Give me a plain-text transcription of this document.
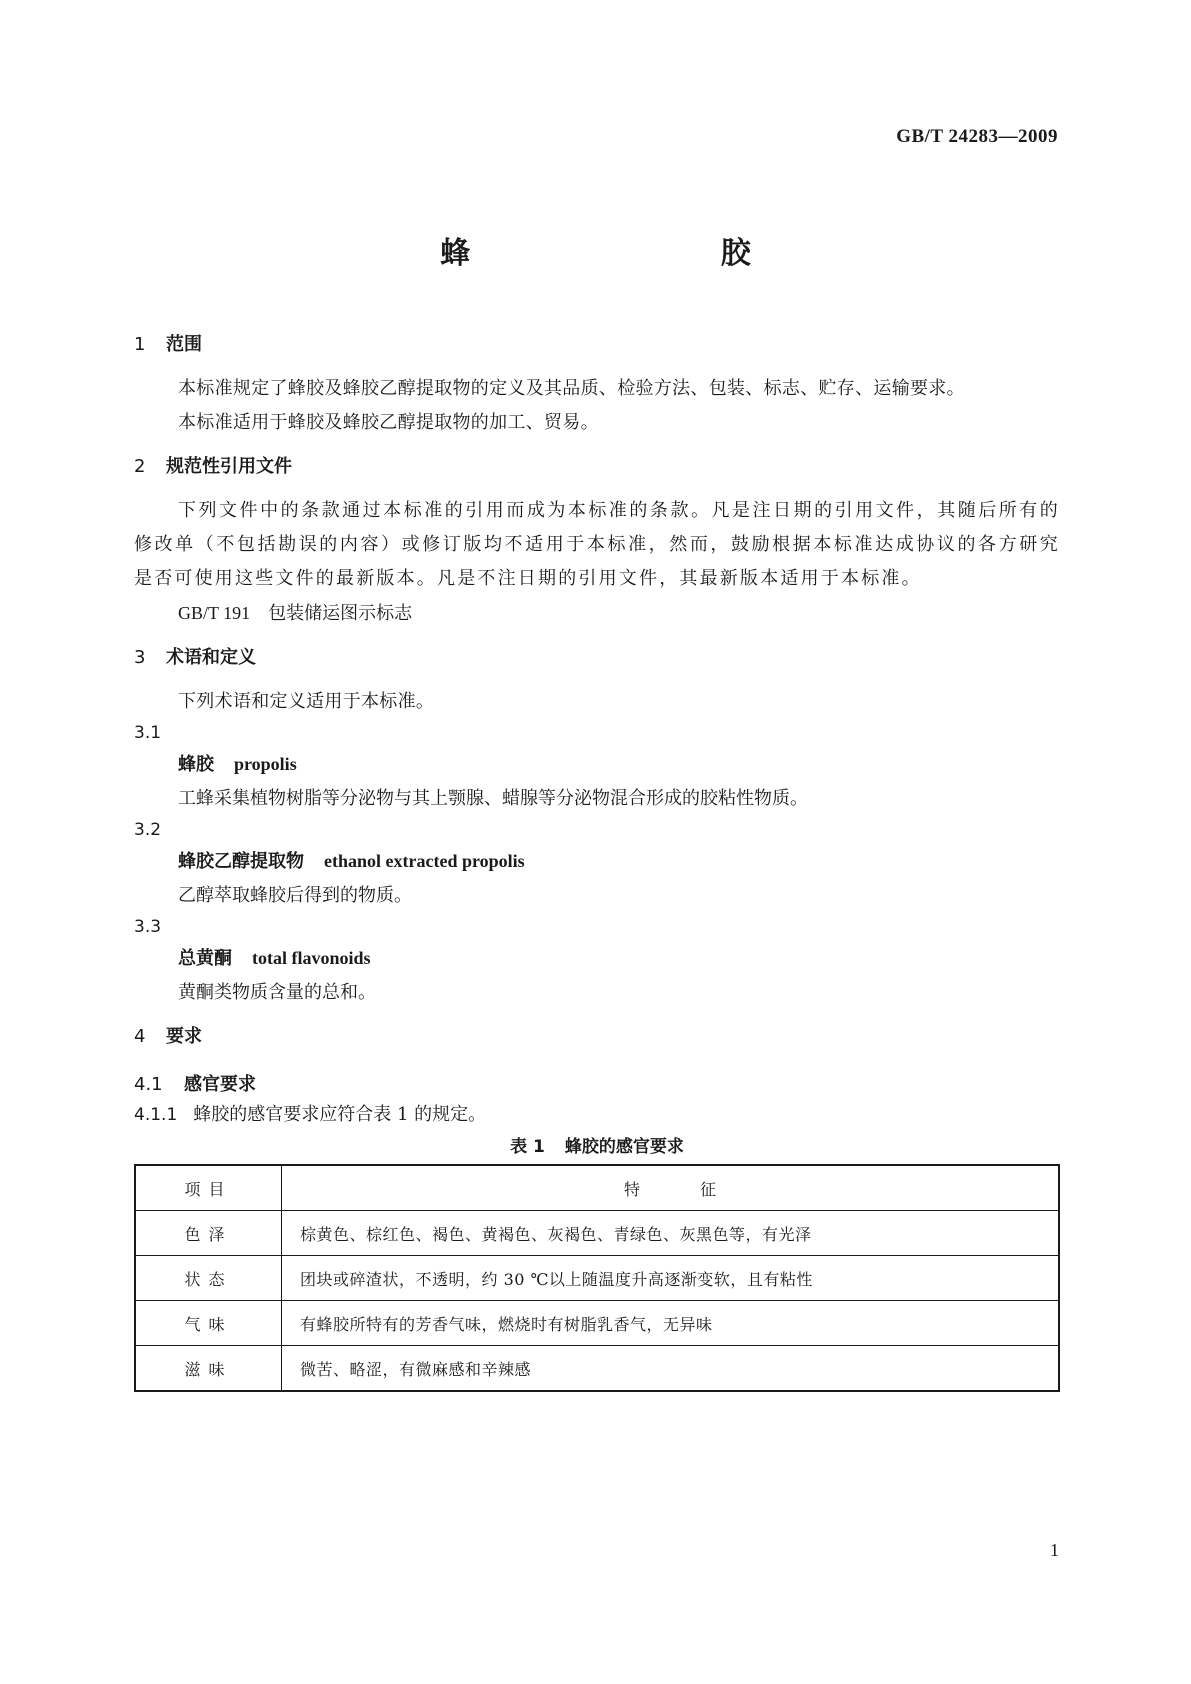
GB/T 24283—2009
蜂 胶
1 范围

本标准规定了蜂胶及蜂胶乙醇提取物的定义及其品质、检验方法、包装、标志、贮存、运输要求。

本标准适用于蜂胶及蜂胶乙醇提取物的加工、贸易。

2 规范性引用文件

下列文件中的条款通过本标准的引用而成为本标准的条款。凡是注日期的引用文件，其随后所有的修改单（不包括勘误的内容）或修订版均不适用于本标准，然而，鼓励根据本标准达成协议的各方研究是否可使用这些文件的最新版本。凡是不注日期的引用文件，其最新版本适用于本标准。

GB/T 191 包装储运图示标志
3 术语和定义

下列术语和定义适用于本标准。

3.1
蜂胶 propolis
工蜂采集植物树脂等分泌物与其上颚腺、蜡腺等分泌物混合形成的胶粘性物质。
3.2
蜂胶乙醇提取物 ethanol extracted propolis
乙醇萃取蜂胶后得到的物质。
3.3
总黄酮 total flavonoids
黄酮类物质含量的总和。
4 要求
4.1 感官要求
4.1.1 蜂胶的感官要求应符合表 1 的规定。
表 1 蜂胶的感官要求
项目	特征
色泽	棕黄色、棕红色、褐色、黄褐色、灰褐色、青绿色、灰黑色等，有光泽
状态	团块或碎渣状，不透明，约 30 ℃以上随温度升高逐渐变软，且有粘性
气味	有蜂胶所特有的芳香气味，燃烧时有树脂乳香气，无异味
滋味	微苦、略涩，有微麻感和辛辣感
1
